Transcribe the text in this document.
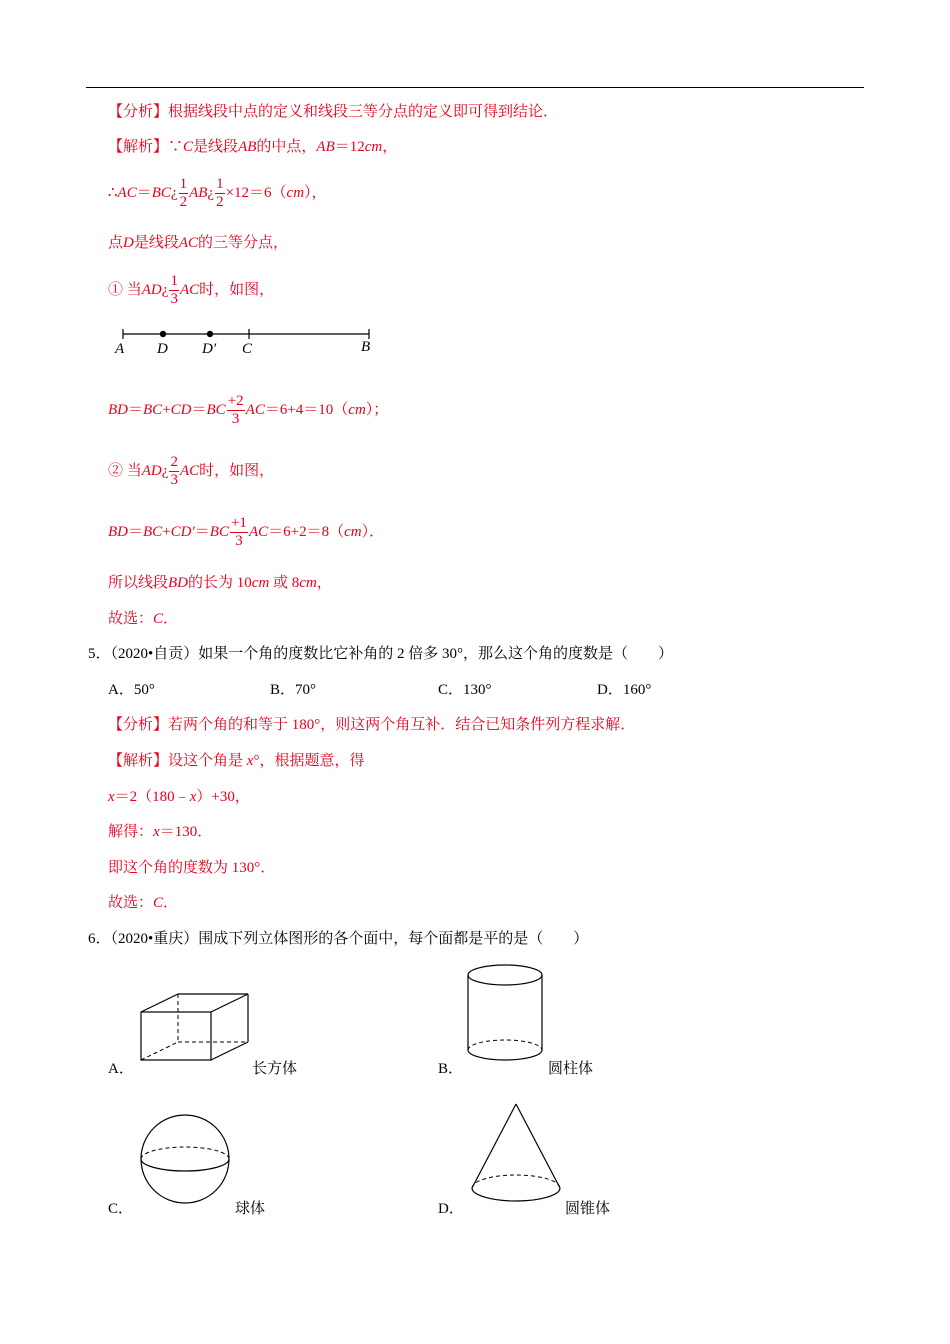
【分析】根据线段中点的定义和线段三等分点的定义即可得到结论．
【解析】∵C是线段AB的中点，AB＝12cm，
∴AC＝BC¿ $\frac{1}{2}$ AB¿ $\frac{1}{2} \times 12=6(cm)$，
点D是线段AC的三等分点，
① 当AD¿ $\frac{1}{3}$ AC时，如图，
A D D′ C	B
$BD=BC+CD=BC \frac{+2}{3} AC=6+4=10(cm)$；
② 当AD¿ $\frac{2}{3}$ AC时，如图，
$BD=BC+CD'=BC \frac{+1}{3} AC=6+2=8(cm)$．
所以线段BD的长为 10cm 或 8cm，
故选：C．
5．（2020•自贡）如果一个角的度数比它补角的 2 倍多 30°，那么这个角的度数是（　　）
A．50°	B．70°	C．130°	D．160°
【分析】若两个角的和等于 180°，则这两个角互补．结合已知条件列方程求解．
【解析】设这个角是 x°，根据题意，得
x＝2（180﹣x）+30，
解得：x＝130．
即这个角的度数为 130°．
故选：C．
6．（2020•重庆）围成下列立体图形的各个面中，每个面都是平的是（　　）
A．	长方体	B．	圆柱体
C．	球体	D．	圆锥体
